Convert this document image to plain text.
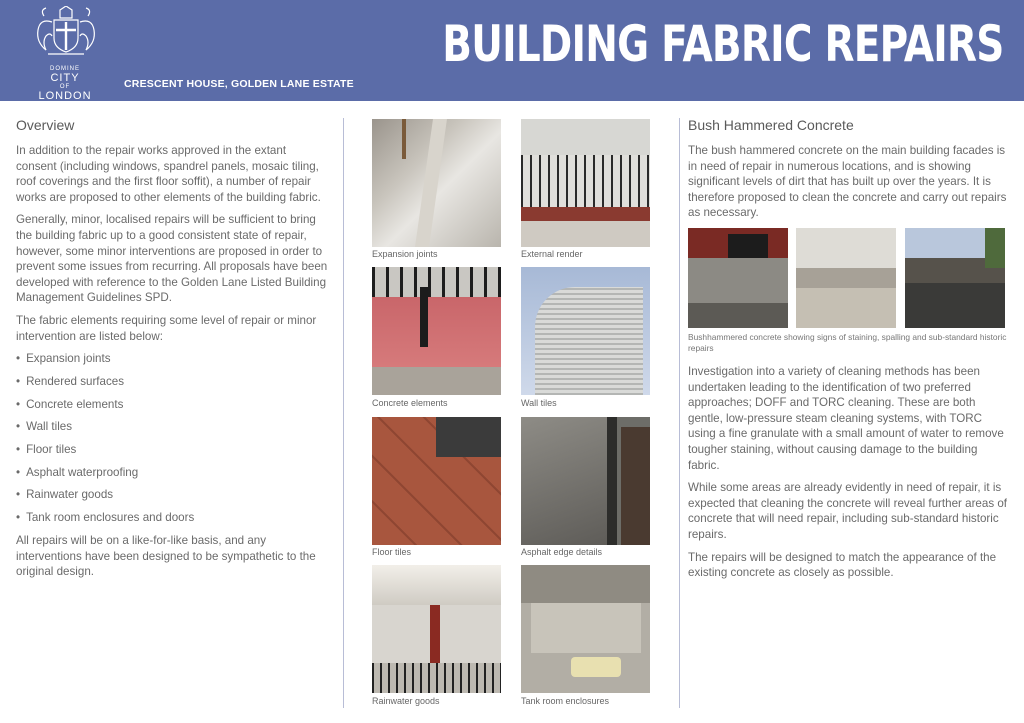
DOMINE
CITY
OF
LONDON
CRESCENT HOUSE, GOLDEN LANE ESTATE
BUILDING FABRIC REPAIRS
Overview

In addition to the repair works approved in the extant consent (including windows, spandrel panels, mosaic tiling, roof coverings and the first floor soffit), a number of repair works are proposed to other elements of the building fabric.

Generally, minor, localised repairs will be sufficient to bring the building fabric up to a good consistent state of repair, however, some minor interventions are proposed in order to prevent some issues from recurring. All proposals have been developed with reference to the Golden Lane Listed Building Management Guidelines SPD.

The fabric elements requiring some level of repair or minor intervention are listed below:

• Expansion joints
• Rendered surfaces
• Concrete elements
• Wall tiles
• Floor tiles
• Asphalt waterproofing
• Rainwater goods
• Tank room enclosures and doors

All repairs will be on a like-for-like basis, and any interventions have been designed to be sympathetic to the original design.

Expansion joints	External render
Concrete elements	Wall tiles
Floor tiles	Asphalt edge details
Rainwater goods	Tank room enclosures
Bush Hammered Concrete

The bush hammered concrete on the main building facades is in need of repair in numerous locations, and is showing significant levels of dirt that has built up over the years. It is therefore proposed to clean the concrete and carry out repairs as necessary.

Bushhammered concrete showing signs of staining, spalling and sub-standard historic repairs

Investigation into a variety of cleaning methods has been undertaken leading to the identification of two preferred approaches; DOFF and TORC cleaning. These are both gentle, low-pressure steam cleaning systems, with TORC using a fine granulate with a small amount of water to remove tougher staining, without causing damage to the building fabric.

While some areas are already evidently in need of repair, it is expected that cleaning the concrete will reveal further areas of concrete that will need repair, including sub-standard historic repairs.

The repairs will be designed to match the appearance of the existing concrete as closely as possible.
